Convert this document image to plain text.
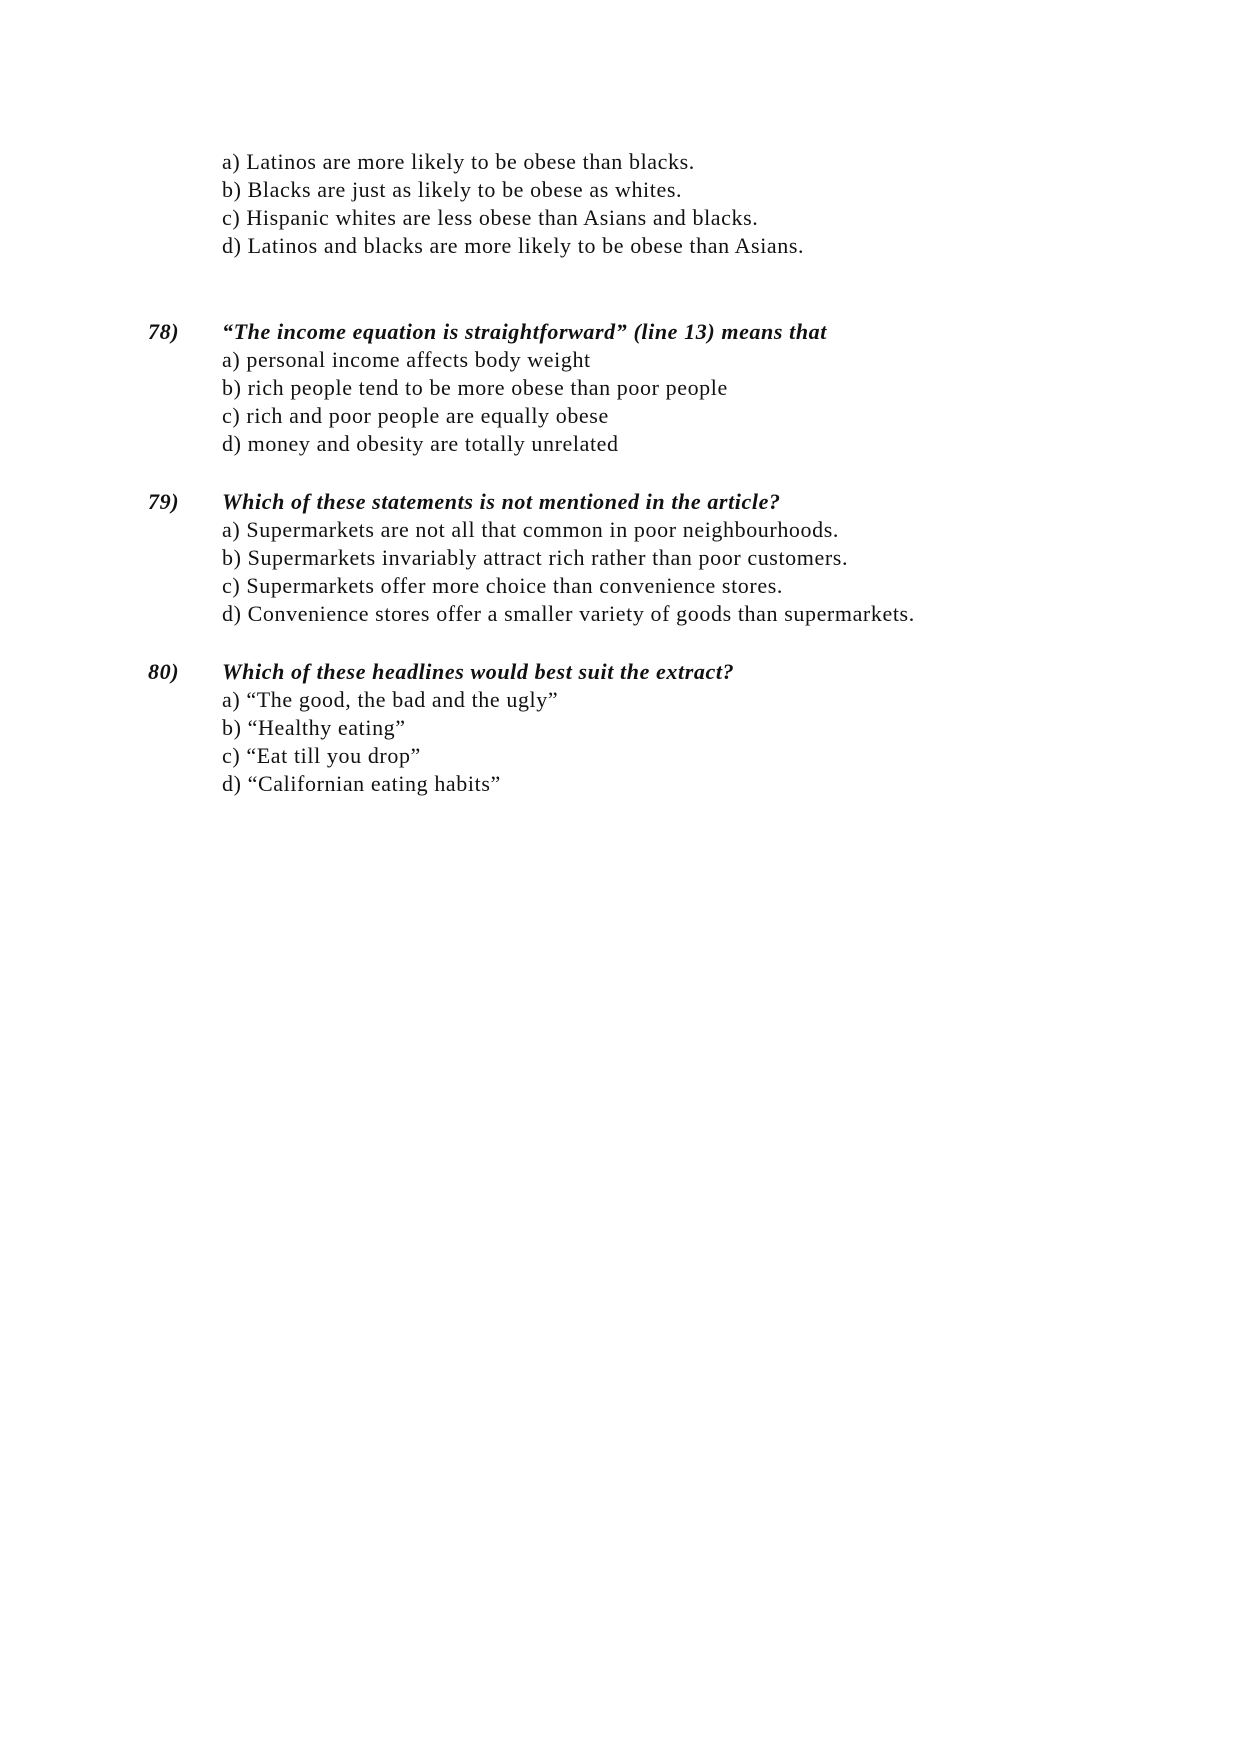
a) Latinos are more likely to be obese than blacks.
b) Blacks are just as likely to be obese as whites.
c) Hispanic whites are less obese than Asians and blacks.
d) Latinos and blacks are more likely to be obese than Asians.
78) “The income equation is straightforward” (line 13) means that
a) personal income affects body weight
b) rich people tend to be more obese than poor people
c) rich and poor people are equally obese
d) money and obesity are totally unrelated
79) Which of these statements is not mentioned in the article?
a) Supermarkets are not all that common in poor neighbourhoods.
b) Supermarkets invariably attract rich rather than poor customers.
c) Supermarkets offer more choice than convenience stores.
d) Convenience stores offer a smaller variety of goods than supermarkets.
80) Which of these headlines would best suit the extract?
a) “The good, the bad and the ugly”
b) “Healthy eating”
c) “Eat till you drop”
d) “Californian eating habits”
